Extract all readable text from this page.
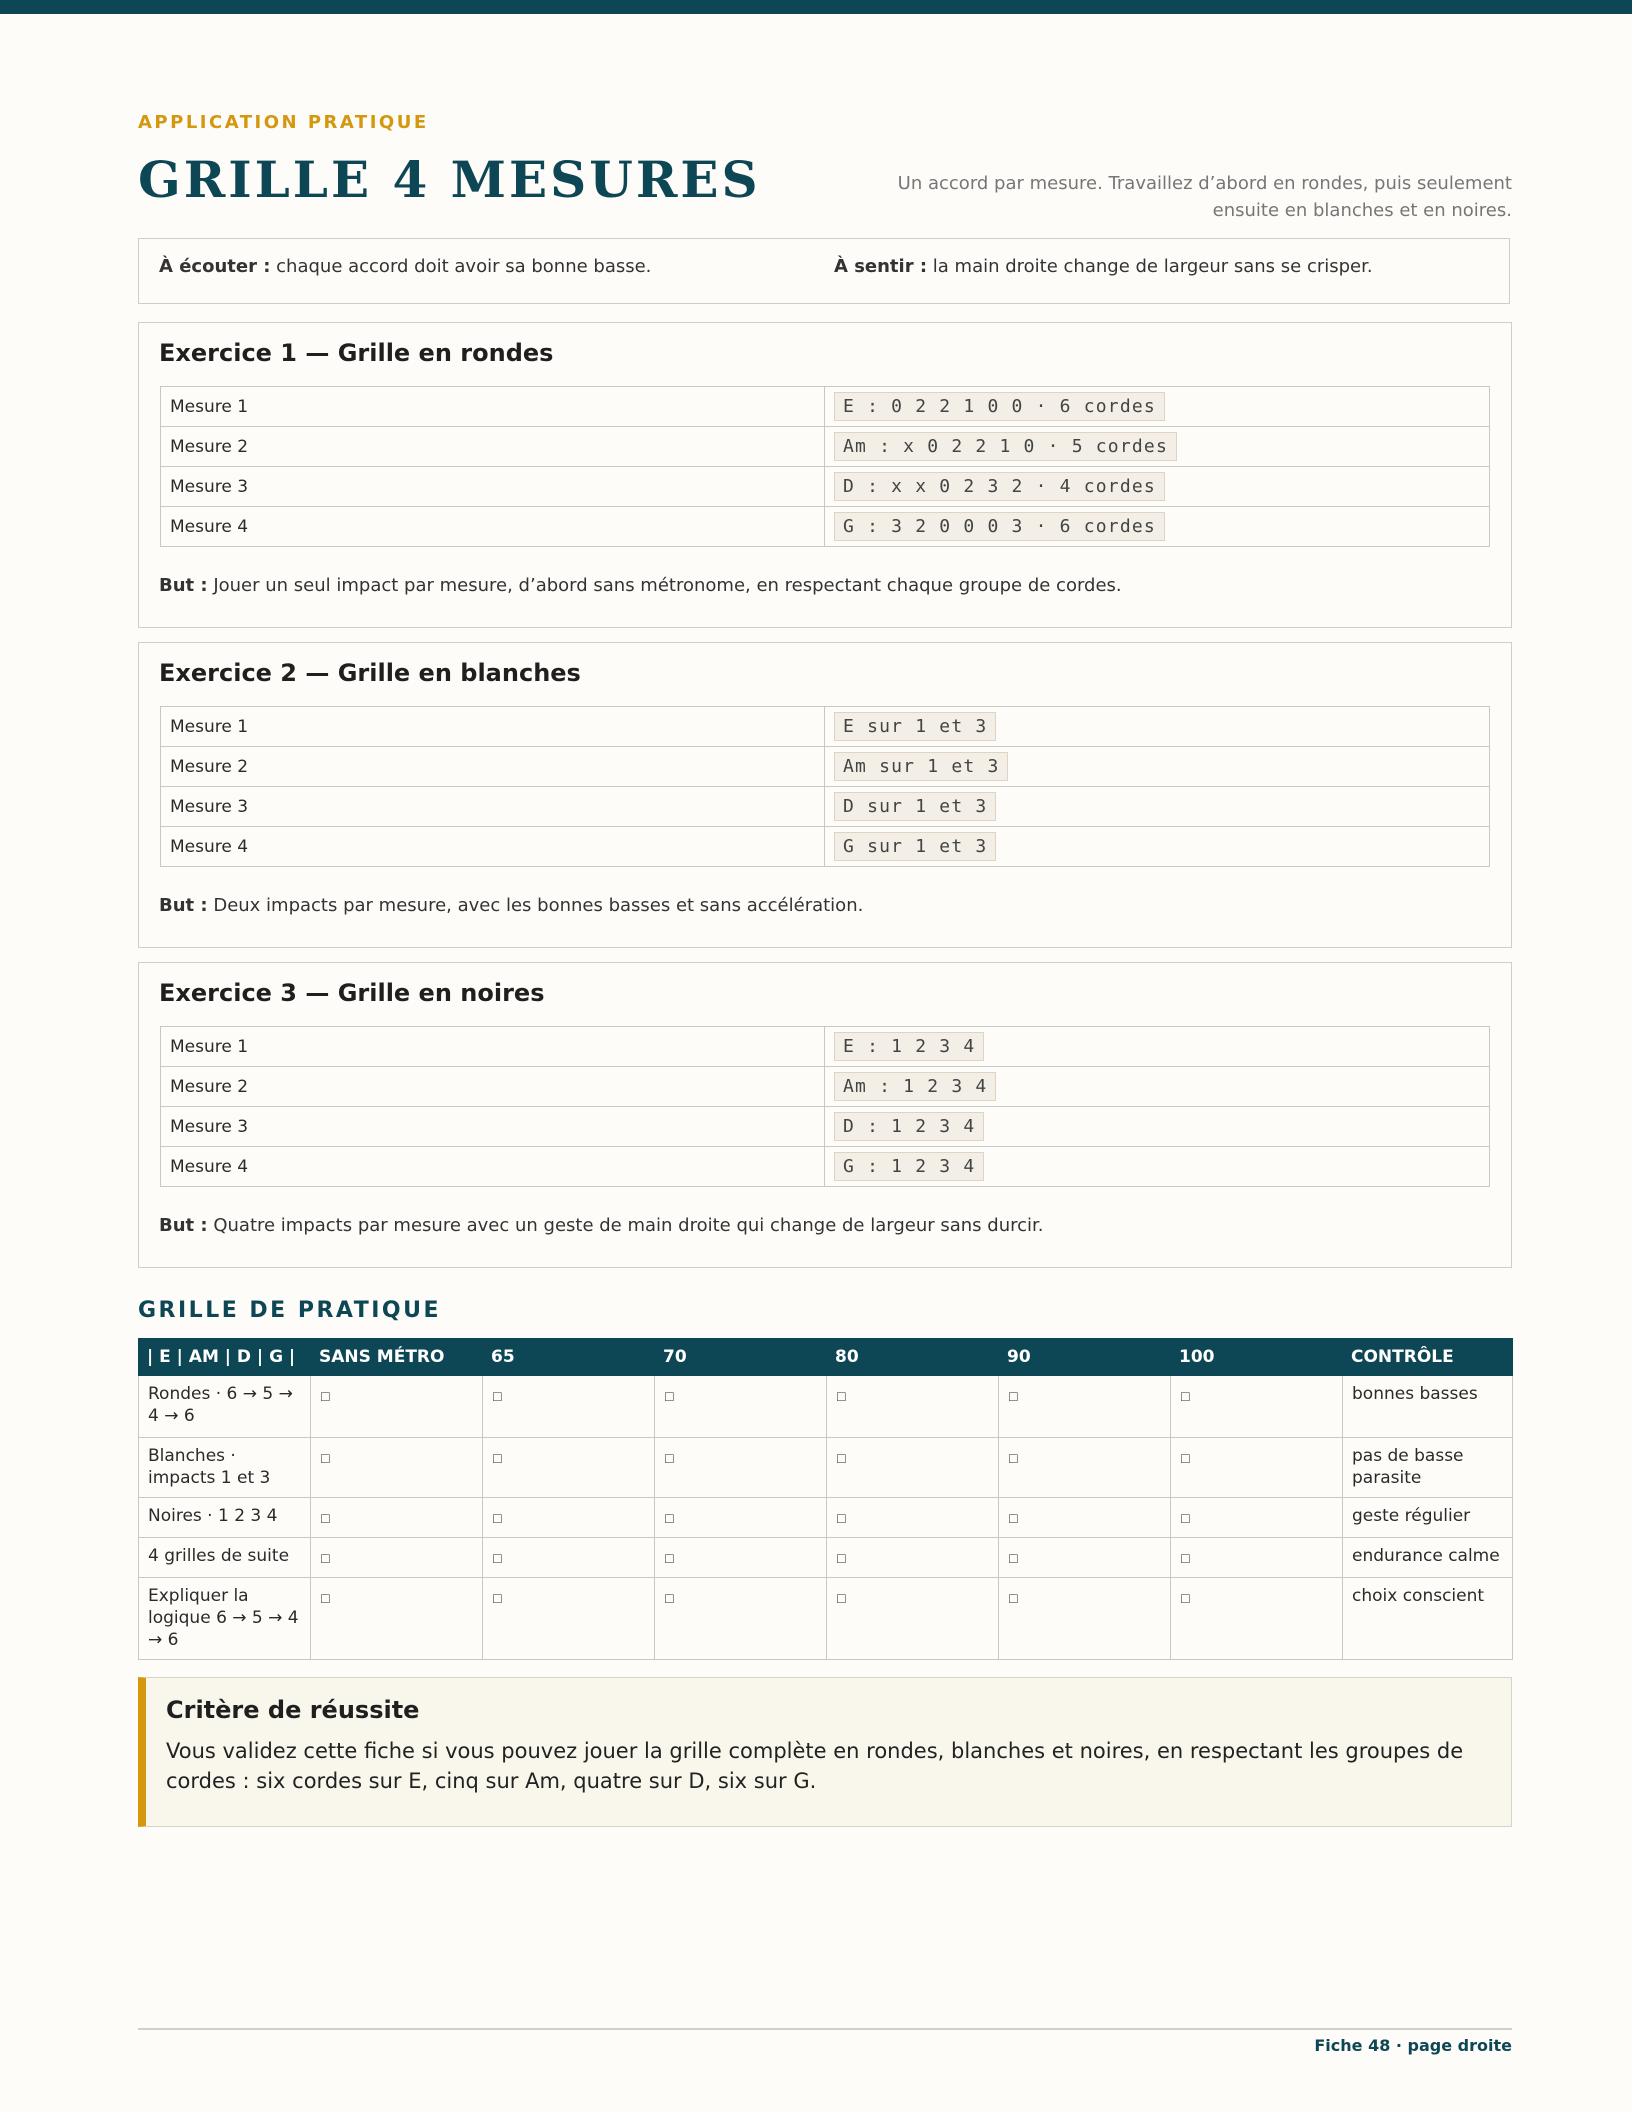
APPLICATION PRATIQUE
GRILLE 4 MESURES	Un accord par mesure. Travaillez d’abord en rondes, puis seulement ensuite en blanches et en noires.
À écouter : chaque accord doit avoir sa bonne basse.	À sentir : la main droite change de largeur sans se crisper.
Exercice 1 — Grille en rondes
Mesure 1	E : 0 2 2 1 0 0 · 6 cordes
Mesure 2	Am : x 0 2 2 1 0 · 5 cordes
Mesure 3	D : x x 0 2 3 2 · 4 cordes
Mesure 4	G : 3 2 0 0 0 3 · 6 cordes
But : Jouer un seul impact par mesure, d’abord sans métronome, en respectant chaque groupe de cordes.
Exercice 2 — Grille en blanches
Mesure 1	E sur 1 et 3
Mesure 2	Am sur 1 et 3
Mesure 3	D sur 1 et 3
Mesure 4	G sur 1 et 3
But : Deux impacts par mesure, avec les bonnes basses et sans accélération.
Exercice 3 — Grille en noires
Mesure 1	E : 1 2 3 4
Mesure 2	Am : 1 2 3 4
Mesure 3	D : 1 2 3 4
Mesure 4	G : 1 2 3 4
But : Quatre impacts par mesure avec un geste de main droite qui change de largeur sans durcir.
GRILLE DE PRATIQUE
| E | AM | D | G |	SANS MÉTRO	65	70	80	90	100	CONTRÔLE
Rondes · 6 → 5 → 4 → 6	☐	☐	☐	☐	☐	☐	bonnes basses
Blanches · impacts 1 et 3	☐	☐	☐	☐	☐	☐	pas de basse parasite
Noires · 1 2 3 4	☐	☐	☐	☐	☐	☐	geste régulier
4 grilles de suite	☐	☐	☐	☐	☐	☐	endurance calme
Expliquer la logique 6 → 5 → 4 → 6	☐	☐	☐	☐	☐	☐	choix conscient
Critère de réussite

Vous validez cette fiche si vous pouvez jouer la grille complète en rondes, blanches et noires, en respectant les groupes de cordes : six cordes sur E, cinq sur Am, quatre sur D, six sur G.

Fiche 48 · page droite
